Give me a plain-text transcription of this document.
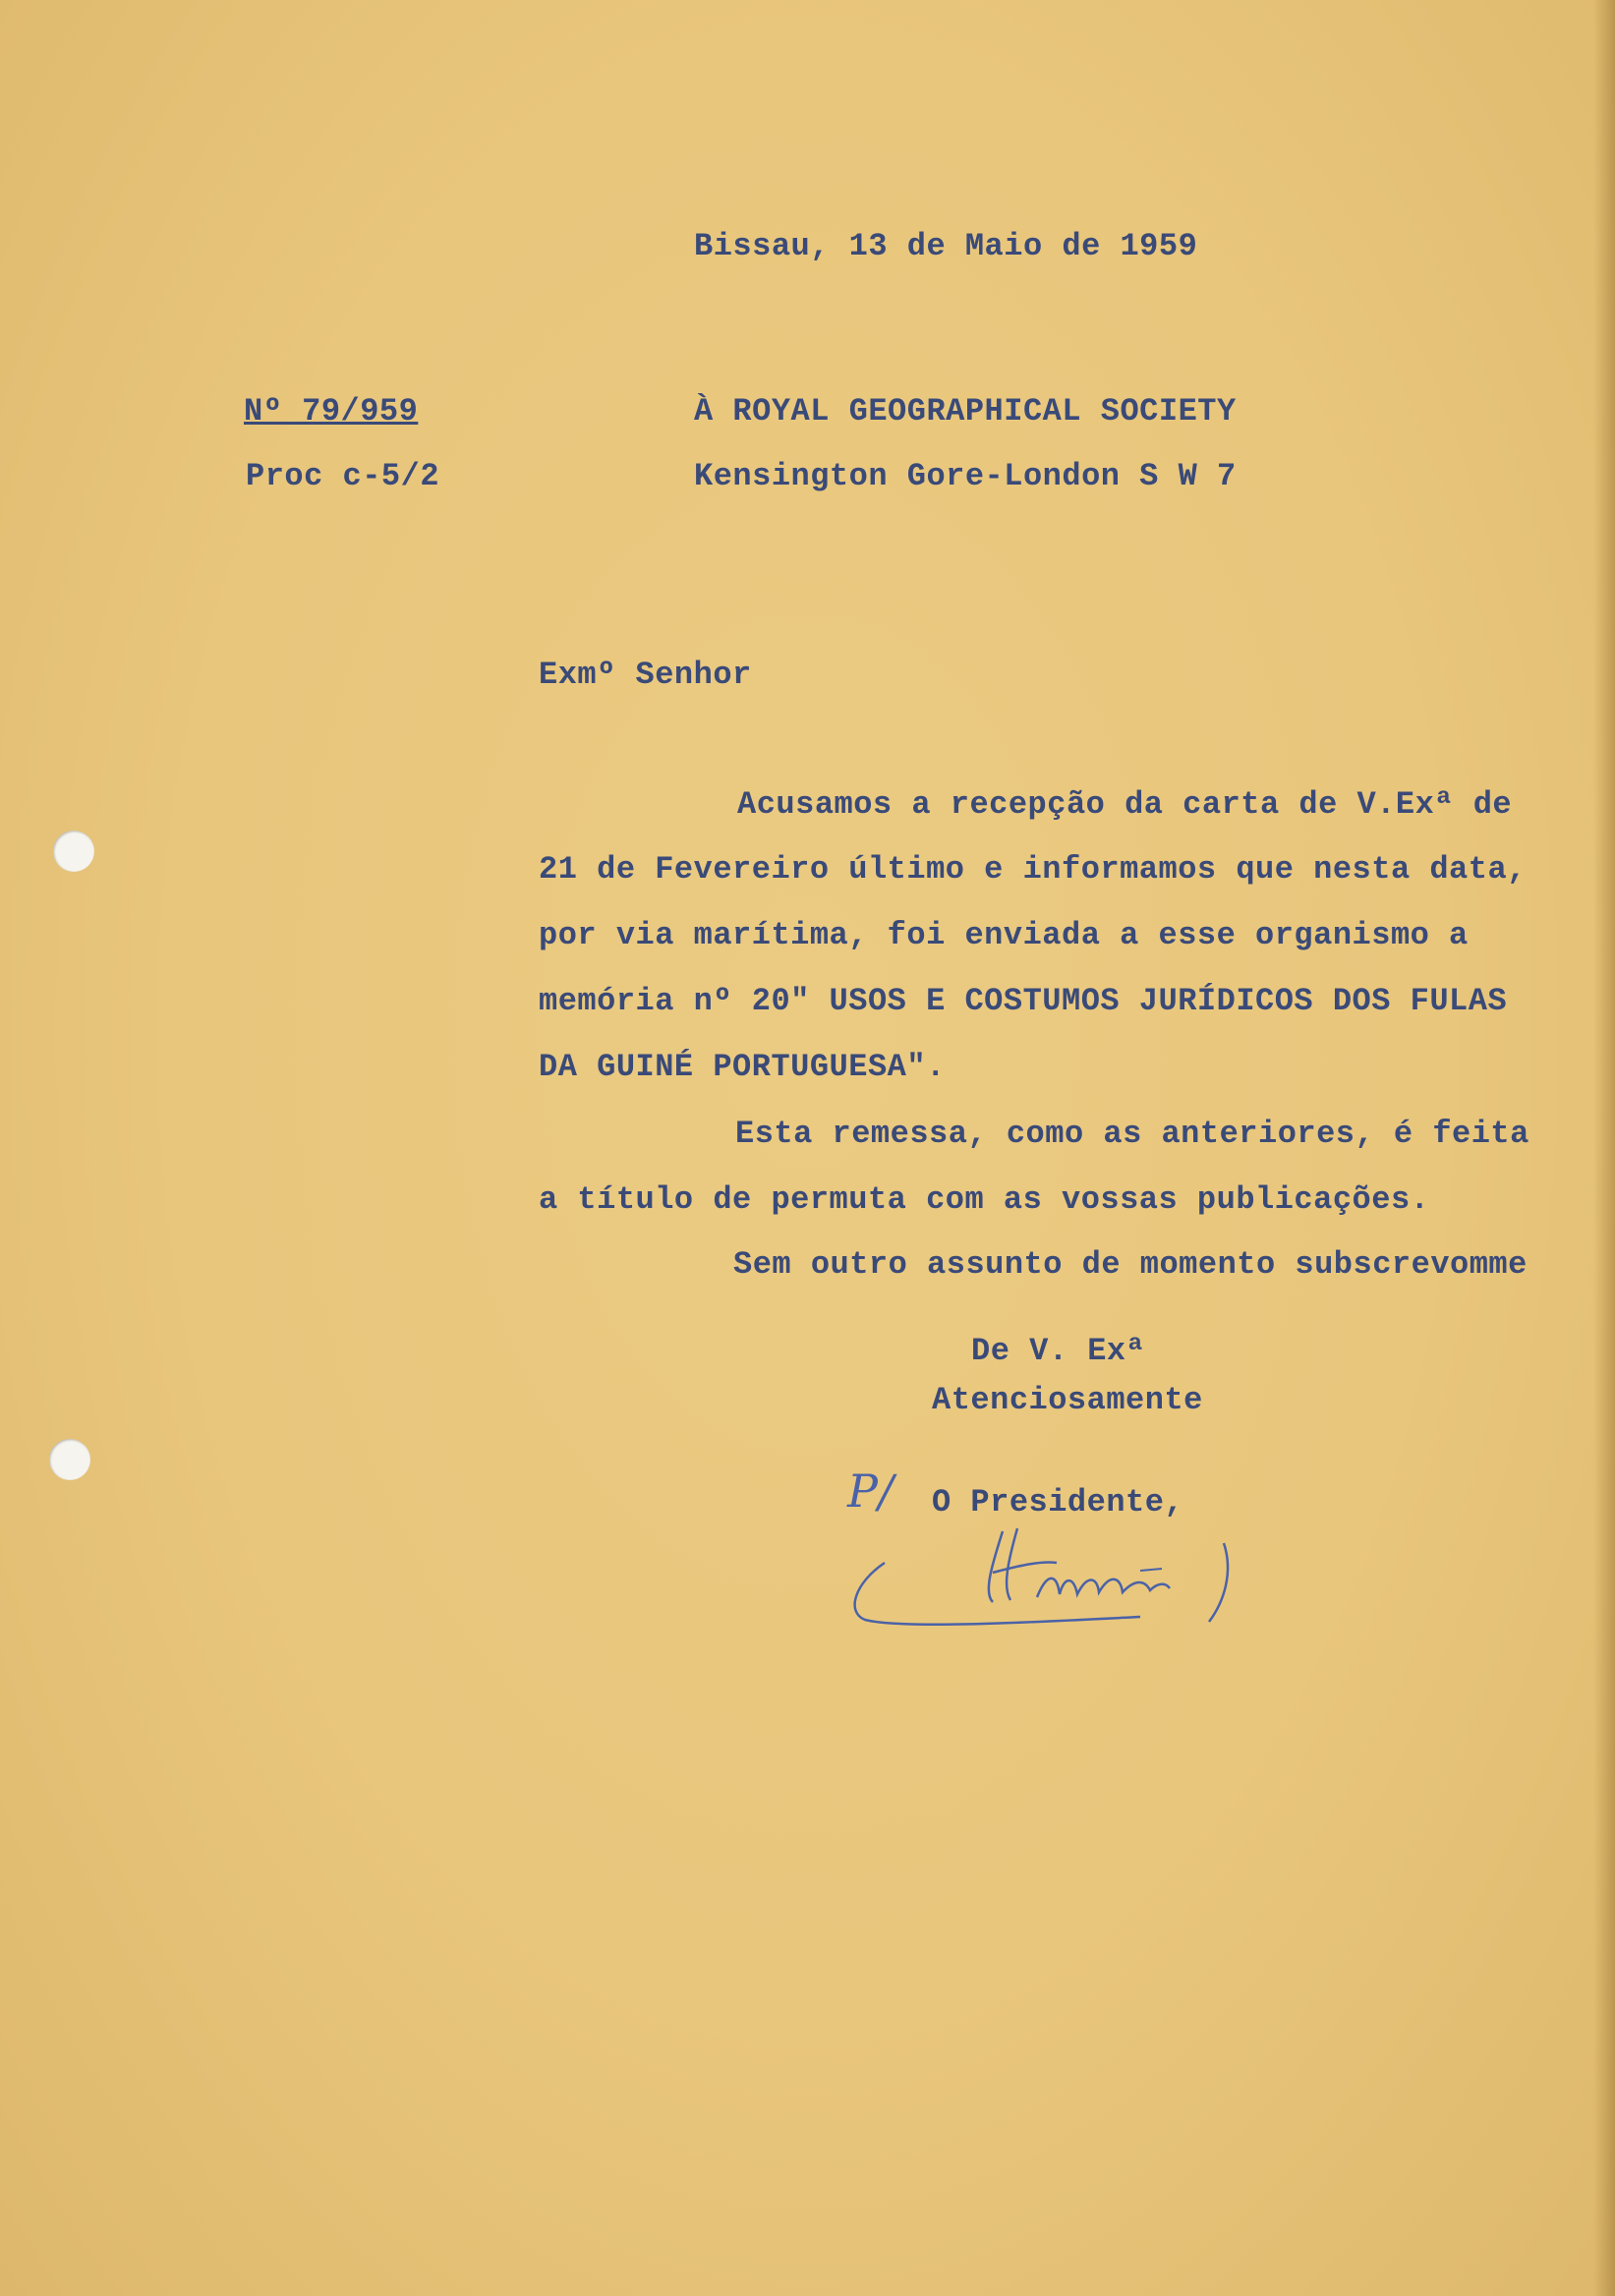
Bissau, 13 de Maio de 1959

Nº 79/959

Proc c-5/2

À ROYAL GEOGRAPHICAL SOCIETY

Kensington Gore-London S W 7

Exmº Senhor

Acusamos a recepção da carta de V.Exª de

21 de Fevereiro último e informamos que nesta data,

por via marítima, foi enviada a esse organismo a

memória nº 20" USOS E COSTUMOS JURÍDICOS DOS FULAS

DA GUINÉ PORTUGUESA".

Esta remessa, como as anteriores, é feita

a título de permuta com as vossas publicações.

Sem outro assunto de momento subscrevomme

De V. Exª

Atenciosamente

P/ O Presidente,
